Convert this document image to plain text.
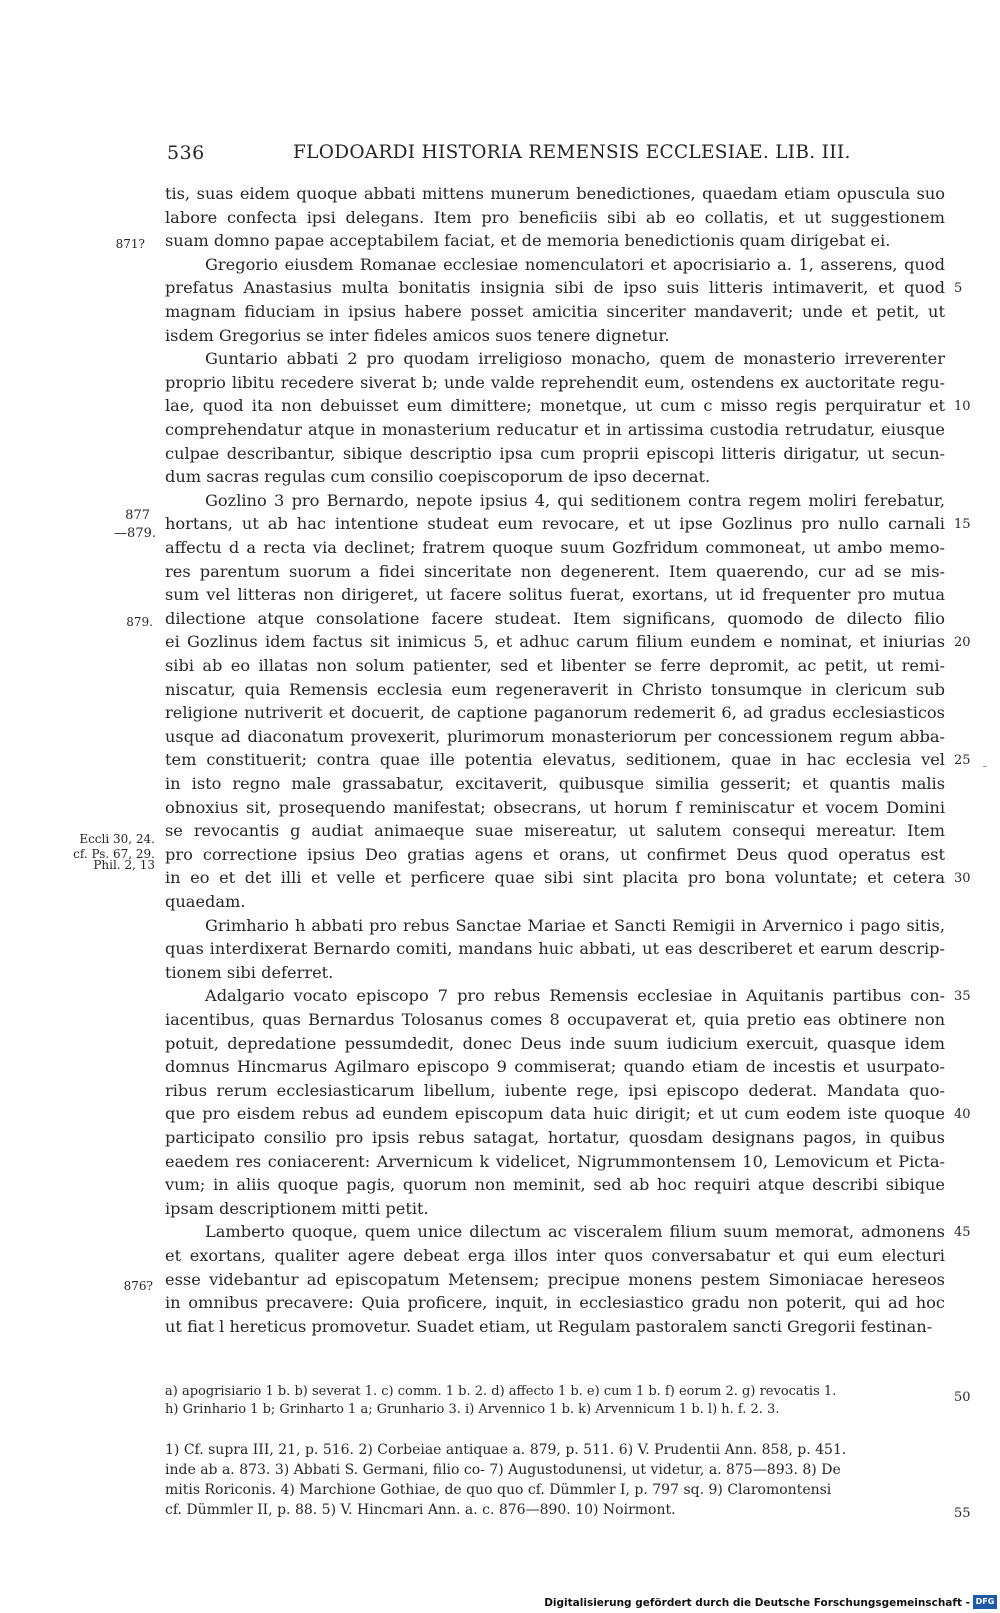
536	FLODOARDI HISTORIA REMENSIS ECCLESIAE. LIB. III.
tis, suas eidem quoque abbati mittens munerum benedictiones, quaedam etiam opuscula suo
labore confecta ipsi delegans. Item pro beneficiis sibi ab eo collatis, et ut suggestionem
suam domno papae acceptabilem faciat, et de memoria benedictionis quam dirigebat ei.
Gregorio eiusdem Romanae ecclesiae nomenculatori et apocrisiario a. 1, asserens, quod
prefatus Anastasius multa bonitatis insignia sibi de ipso suis litteris intimaverit, et quod
magnam fiduciam in ipsius habere posset amicitia sinceriter mandaverit; unde et petit, ut
isdem Gregorius se inter fideles amicos suos tenere dignetur.
Guntario abbati 2 pro quodam irreligioso monacho, quem de monasterio irreverenter
proprio libitu recedere siverat b; unde valde reprehendit eum, ostendens ex auctoritate regu-
lae, quod ita non debuisset eum dimittere; monetque, ut cum c misso regis perquiratur et
comprehendatur atque in monasterium reducatur et in artissima custodia retrudatur, eiusque
culpae describantur, sibique descriptio ipsa cum proprii episcopi litteris dirigatur, ut secun-
dum sacras regulas cum consilio coepiscoporum de ipso decernat.
Gozlino 3 pro Bernardo, nepote ipsius 4, qui seditionem contra regem moliri ferebatur,
hortans, ut ab hac intentione studeat eum revocare, et ut ipse Gozlinus pro nullo carnali
affectu d a recta via declinet; fratrem quoque suum Gozfridum commoneat, ut ambo memo-
res parentum suorum a fidei sinceritate non degenerent. Item quaerendo, cur ad se mis-
sum vel litteras non dirigeret, ut facere solitus fuerat, exortans, ut id frequenter pro mutua
dilectione atque consolatione facere studeat. Item significans, quomodo de dilecto filio
ei Gozlinus idem factus sit inimicus 5, et adhuc carum filium eundem e nominat, et iniurias
sibi ab eo illatas non solum patienter, sed et libenter se ferre depromit, ac petit, ut remi-
niscatur, quia Remensis ecclesia eum regeneraverit in Christo tonsumque in clericum sub
religione nutriverit et docuerit, de captione paganorum redemerit 6, ad gradus ecclesiasticos
usque ad diaconatum provexerit, plurimorum monasteriorum per concessionem regum abba-
tem constituerit; contra quae ille potentia elevatus, seditionem, quae in hac ecclesia vel
in isto regno male grassabatur, excitaverit, quibusque similia gesserit; et quantis malis
obnoxius sit, prosequendo manifestat; obsecrans, ut horum f reminiscatur et vocem Domini
se revocantis g audiat animaeque suae misereatur, ut salutem consequi mereatur. Item
pro correctione ipsius Deo gratias agens et orans, ut confirmet Deus quod operatus est
in eo et det illi et velle et perficere quae sibi sint placita pro bona voluntate; et cetera
quaedam.
Grimhario h abbati pro rebus Sanctae Mariae et Sancti Remigii in Arvernico i pago sitis,
quas interdixerat Bernardo comiti, mandans huic abbati, ut eas describeret et earum descrip-
tionem sibi deferret.
Adalgario vocato episcopo 7 pro rebus Remensis ecclesiae in Aquitanis partibus con-
iacentibus, quas Bernardus Tolosanus comes 8 occupaverat et, quia pretio eas obtinere non
potuit, depredatione pessumdedit, donec Deus inde suum iudicium exercuit, quasque idem
domnus Hincmarus Agilmaro episcopo 9 commiserat; quando etiam de incestis et usurpato-
ribus rerum ecclesiasticarum libellum, iubente rege, ipsi episcopo dederat. Mandata quo-
que pro eisdem rebus ad eundem episcopum data huic dirigit; et ut cum eodem iste quoque
participato consilio pro ipsis rebus satagat, hortatur, quosdam designans pagos, in quibus
eaedem res coniacerent: Arvernicum k videlicet, Nigrummontensem 10, Lemovicum et Picta-
vum; in aliis quoque pagis, quorum non meminit, sed ab hoc requiri atque describi sibique
ipsam descriptionem mitti petit.
Lamberto quoque, quem unice dilectum ac visceralem filium suum memorat, admonens
et exortans, qualiter agere debeat erga illos inter quos conversabatur et qui eum electuri
esse videbantur ad episcopatum Metensem; precipue monens pestem Simoniacae hereseos
in omnibus precavere: Quia proficere, inquit, in ecclesiastico gradu non poterit, qui ad hoc
ut fiat l hereticus promovetur. Suadet etiam, ut Regulam pastoralem sancti Gregorii festinan-
5
10
15
20
25
30
35
40
45
871?
877
—879.
879.
Eccli 30, 24.
cf. Ps. 67, 29.
Phil. 2, 13
876?
a) apogrisiario 1 b. b) severat 1. c) comm. 1 b. 2. d) affecto 1 b. e) cum 1 b. f) eorum 2. g) revocatis 1.
h) Grinhario 1 b; Grinharto 1 a; Grunhario 3. i) Arvennico 1 b. k) Arvennicum 1 b. l) h. f. 2. 3.
50
1) Cf. supra III, 21, p. 516. 2) Corbeiae antiquae a. 879, p. 511. 6) V. Prudentii Ann. 858, p. 451.
inde ab a. 873. 3) Abbati S. Germani, filio co- 7) Augustodunensi, ut videtur, a. 875—893. 8) De
mitis Roriconis. 4) Marchione Gothiae, de quo quo cf. Dümmler I, p. 797 sq. 9) Claromontensi
cf. Dümmler II, p. 88. 5) V. Hincmari Ann. a. c. 876—890. 10) Noirmont.	55
Digitalisierung gefördert durch die Deutsche Forschungsgemeinschaft - DFG
